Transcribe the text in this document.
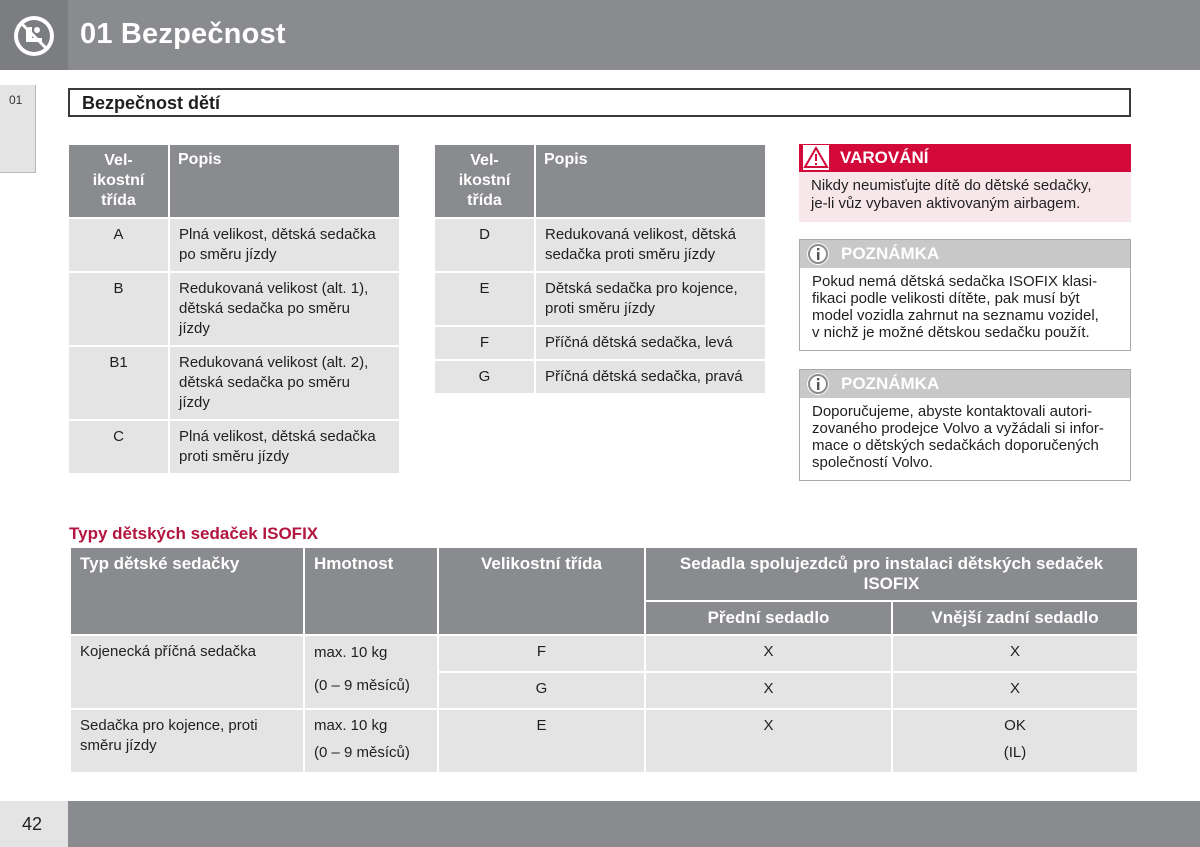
01 Bezpečnost
01	Bezpečnost dětí
Vel-
ikostní
třída	Popis
A	Plná velikost, dětská sedačka
po směru jízdy
B	Redukovaná velikost (alt. 1),
dětská sedačka po směru
jízdy
B1	Redukovaná velikost (alt. 2),
dětská sedačka po směru
jízdy
C	Plná velikost, dětská sedačka
proti směru jízdy
Vel-
ikostní
třída	Popis
D	Redukovaná velikost, dětská
sedačka proti směru jízdy
E	Dětská sedačka pro kojence,
proti směru jízdy
F	Příčná dětská sedačka, levá
G	Příčná dětská sedačka, pravá
VAROVÁNÍ
Nikdy neumisťujte dítě do dětské sedačky,
je-li vůz vybaven aktivovaným airbagem.
POZNÁMKA
Pokud nemá dětská sedačka ISOFIX klasi-
fikaci podle velikosti dítěte, pak musí být
model vozidla zahrnut na seznamu vozidel,
v nichž je možné dětskou sedačku použít.
POZNÁMKA
Doporučujeme, abyste kontaktovali autori-
zovaného prodejce Volvo a vyžádali si infor-
mace o dětských sedačkách doporučených
společností Volvo.
Typy dětských sedaček ISOFIX
Typ dětské sedačky	Hmotnost	Velikostní třída	Sedadla spolujezdců pro instalaci dětských sedaček
ISOFIX	
			Přední sedadlo	Vnější zadní sedadlo
Kojenecká příčná sedačka	max. 10 kg
(0 – 9 měsíců)	F	X	X
		G	X	X
Sedačka pro kojence, proti
směru jízdy	max. 10 kg
(0 – 9 měsíců)	E	X	OK
(IL)
42
